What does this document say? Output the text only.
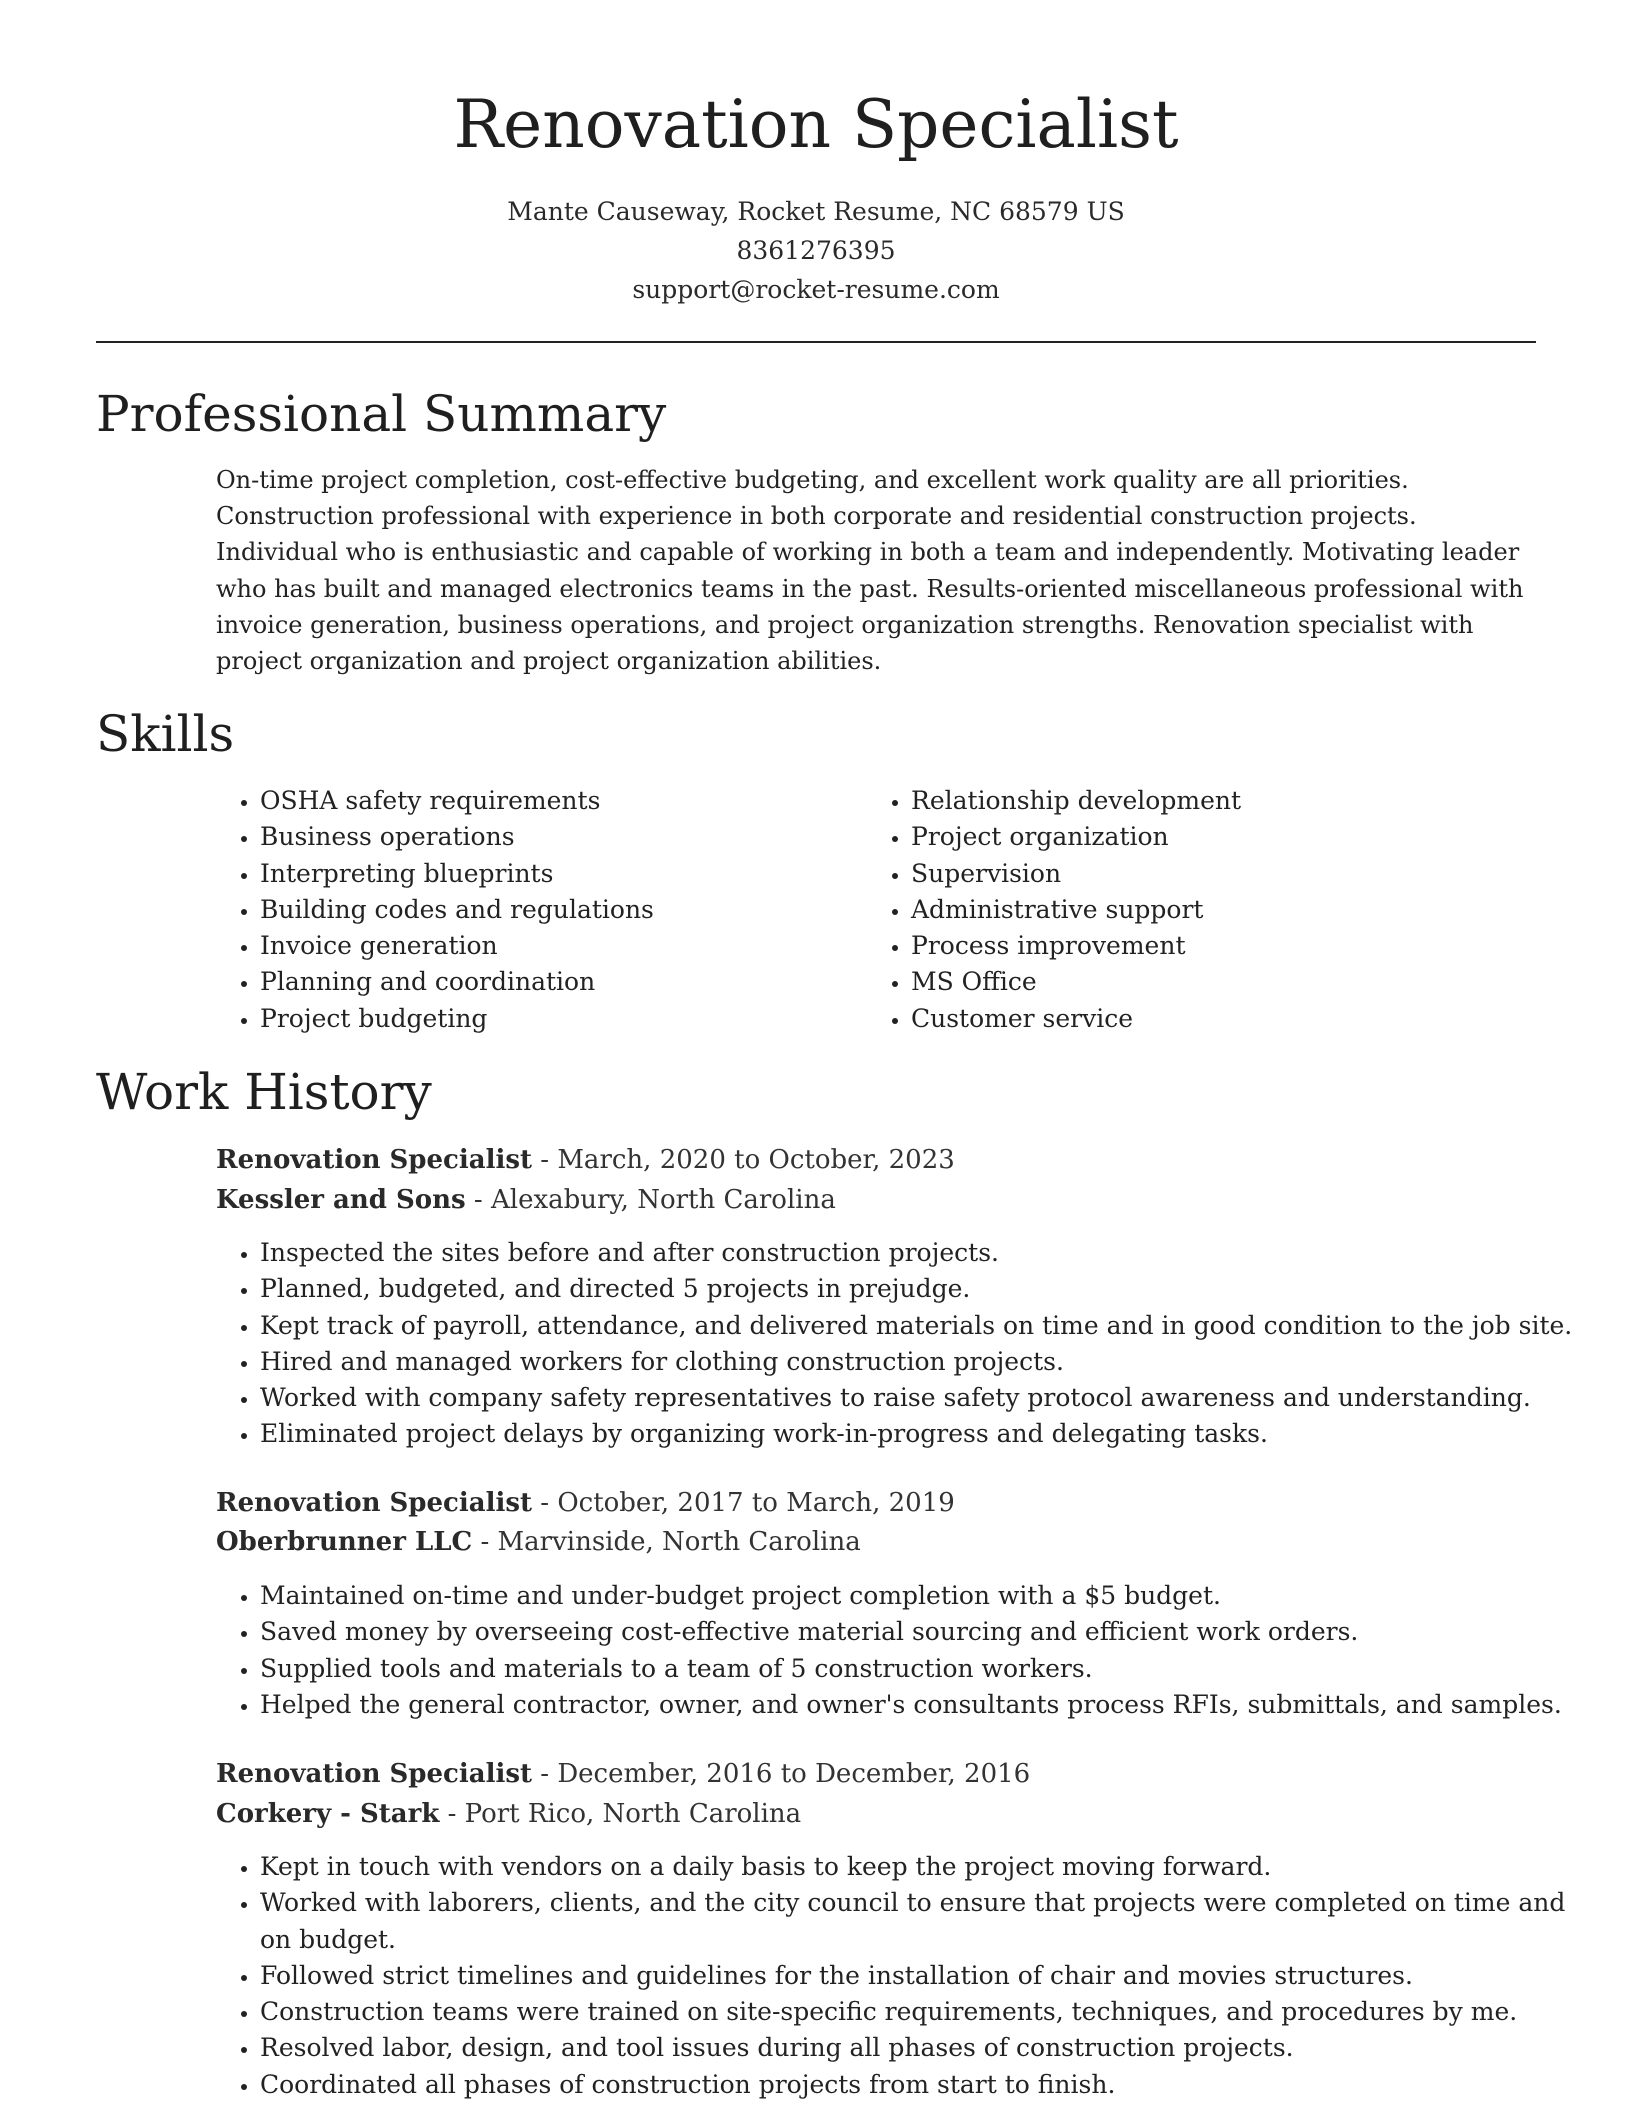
Renovation Specialist
Mante Causeway, Rocket Resume, NC 68579 US
8361276395
support@rocket-resume.com
Professional Summary
On-time project completion, cost-effective budgeting, and excellent work quality are all priorities. Construction professional with experience in both corporate and residential construction projects. Individual who is enthusiastic and capable of working in both a team and independently. Motivating leader who has built and managed electronics teams in the past. Results-oriented miscellaneous professional with invoice generation, business operations, and project organization strengths. Renovation specialist with project organization and project organization abilities.
Skills
• OSHA safety requirements
• Business operations
• Interpreting blueprints
• Building codes and regulations
• Invoice generation
• Planning and coordination
• Project budgeting
• Relationship development
• Project organization
• Supervision
• Administrative support
• Process improvement
• MS Office
• Customer service
Work History
Renovation Specialist - March, 2020 to October, 2023
Kessler and Sons - Alexabury, North Carolina
• Inspected the sites before and after construction projects.
• Planned, budgeted, and directed 5 projects in prejudge.
• Kept track of payroll, attendance, and delivered materials on time and in good condition to the job site.
• Hired and managed workers for clothing construction projects.
• Worked with company safety representatives to raise safety protocol awareness and understanding.
• Eliminated project delays by organizing work-in-progress and delegating tasks.
Renovation Specialist - October, 2017 to March, 2019
Oberbrunner LLC - Marvinside, North Carolina
• Maintained on-time and under-budget project completion with a $5 budget.
• Saved money by overseeing cost-effective material sourcing and efficient work orders.
• Supplied tools and materials to a team of 5 construction workers.
• Helped the general contractor, owner, and owner's consultants process RFIs, submittals, and samples.
Renovation Specialist - December, 2016 to December, 2016
Corkery - Stark - Port Rico, North Carolina
• Kept in touch with vendors on a daily basis to keep the project moving forward.
• Worked with laborers, clients, and the city council to ensure that projects were completed on time and on budget.
• Followed strict timelines and guidelines for the installation of chair and movies structures.
• Construction teams were trained on site-specific requirements, techniques, and procedures by me.
• Resolved labor, design, and tool issues during all phases of construction projects.
• Coordinated all phases of construction projects from start to finish.
